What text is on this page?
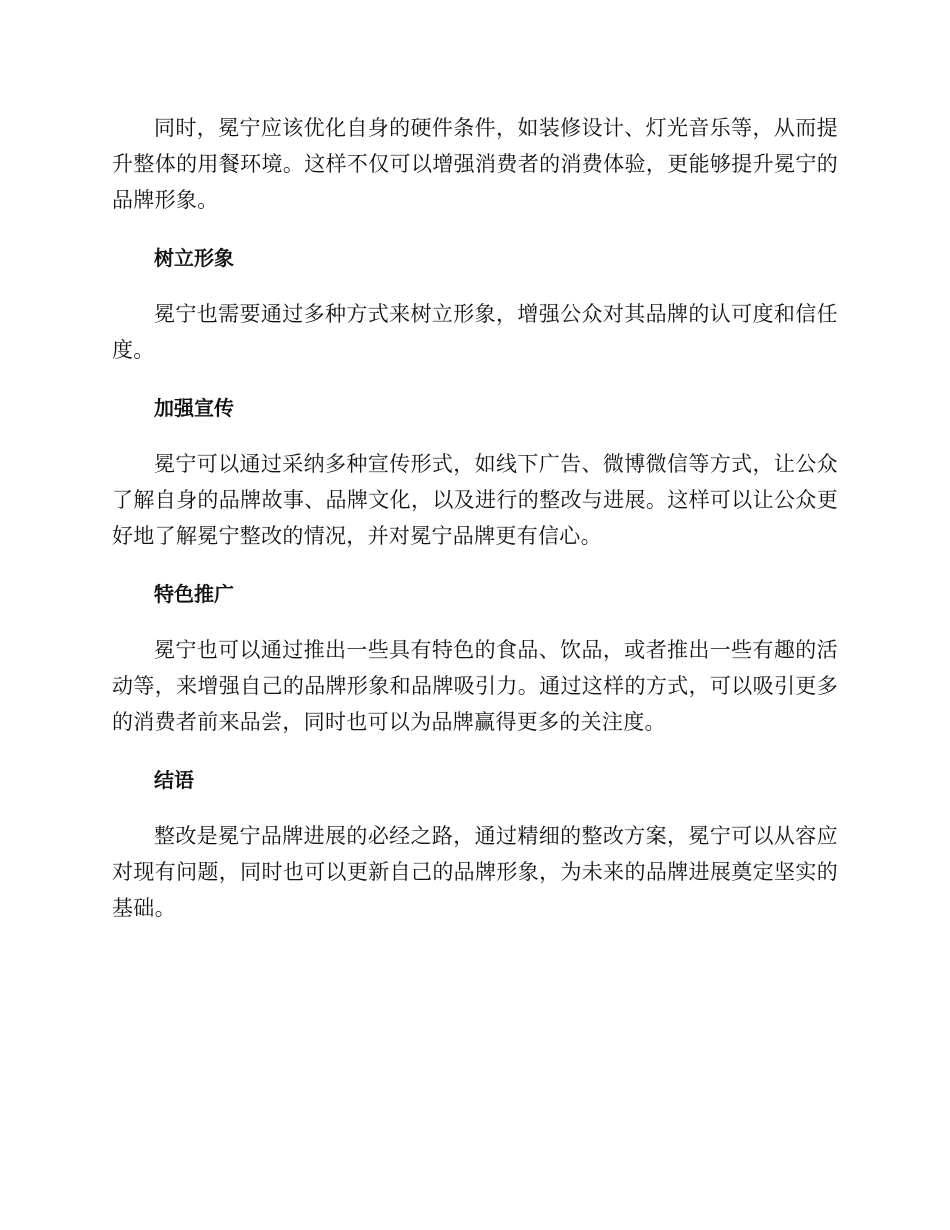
同时，冕宁应该优化自身的硬件条件，如装修设计、灯光音乐等，从而提升整体的用餐环境。这样不仅可以增强消费者的消费体验，更能够提升冕宁的品牌形象。

树立形象

冕宁也需要通过多种方式来树立形象，增强公众对其品牌的认可度和信任度。

加强宣传

冕宁可以通过采纳多种宣传形式，如线下广告、微博微信等方式，让公众了解自身的品牌故事、品牌文化，以及进行的整改与进展。这样可以让公众更好地了解冕宁整改的情况，并对冕宁品牌更有信心。

特色推广

冕宁也可以通过推出一些具有特色的食品、饮品，或者推出一些有趣的活动等，来增强自己的品牌形象和品牌吸引力。通过这样的方式，可以吸引更多的消费者前来品尝，同时也可以为品牌赢得更多的关注度。

结语

整改是冕宁品牌进展的必经之路，通过精细的整改方案，冕宁可以从容应对现有问题，同时也可以更新自己的品牌形象，为未来的品牌进展奠定坚实的基础。
